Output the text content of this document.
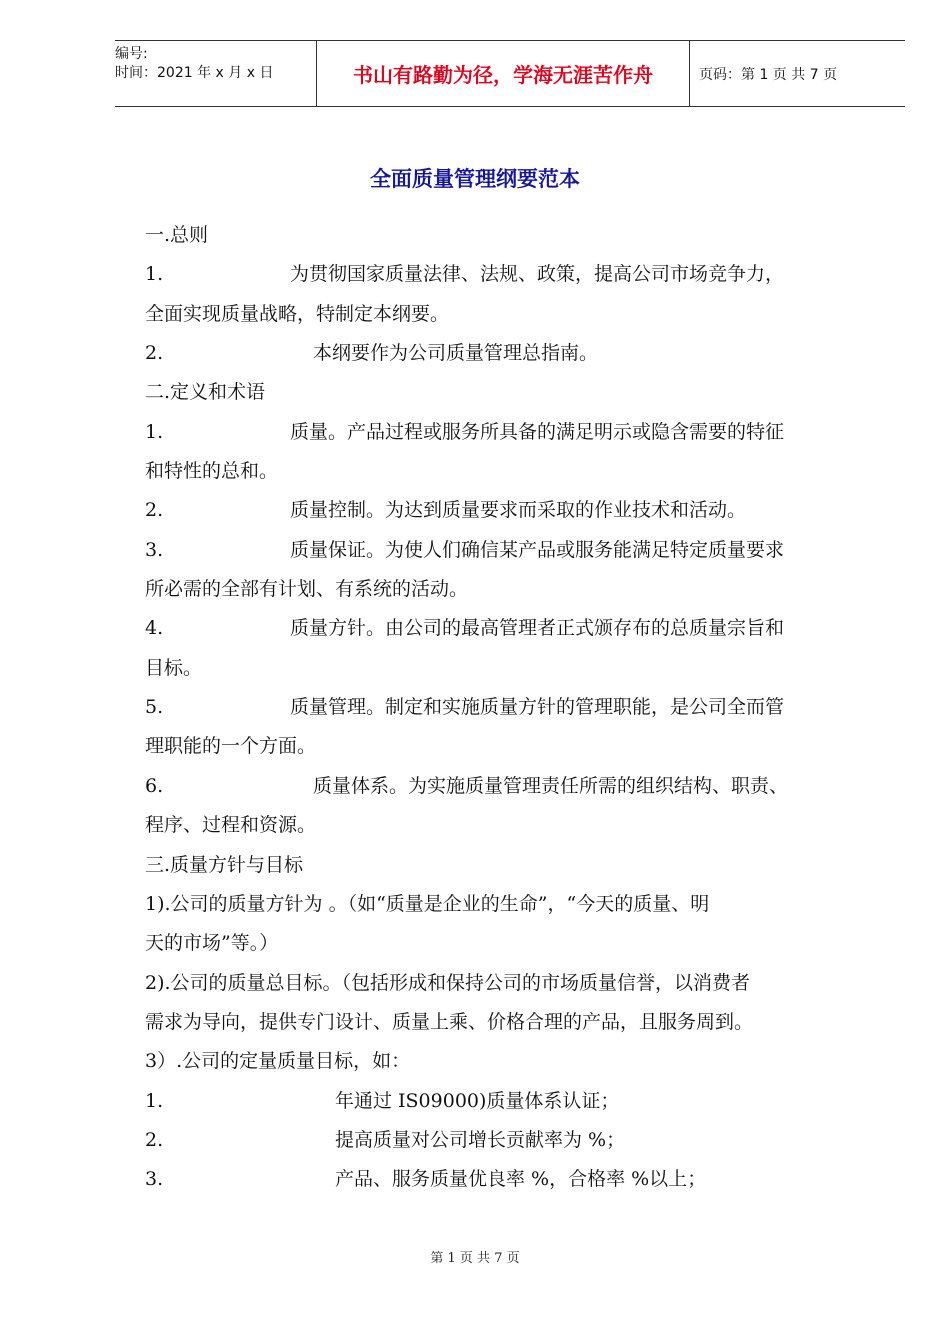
编号:
时间：2021 年 x 月 x 日	书山有路勤为径，学海无涯苦作舟	页码：第 1 页 共 7 页
全面质量管理纲要范本
一.总则
1.	为贯彻国家质量法律、法规、政策，提高公司市场竞争力，
全面实现质量战略，特制定本纲要。
2.	本纲要作为公司质量管理总指南。
二.定义和术语
1.	质量。产品过程或服务所具备的满足明示或隐含需要的特征
和特性的总和。
2.	质量控制。为达到质量要求而采取的作业技术和活动。
3.	质量保证。为使人们确信某产品或服务能满足特定质量要求
所必需的全部有计划、有系统的活动。
4.	质量方针。由公司的最高管理者正式颁存布的总质量宗旨和
目标。
5.	质量管理。制定和实施质量方针的管理职能，是公司全而管
理职能的一个方面。
6.	质量体系。为实施质量管理责任所需的组织结构、职责、
程序、过程和资源。
三.质量方针与目标
1).公司的质量方针为 。（如“质量是企业的生命”，“今天的质量、明
天的市场”等。）
2).公司的质量总目标。（包括形成和保持公司的市场质量信誉，以消费者
需求为导向，提供专门设计、质量上乘、价格合理的产品，且服务周到。
3）.公司的定量质量目标，如：
1.	年通过 IS09000)质量体系认证；
2.	提高质量对公司增长贡献率为 %；
3.	产品、服务质量优良率 %，合格率 %以上；
第 1 页 共 7 页
